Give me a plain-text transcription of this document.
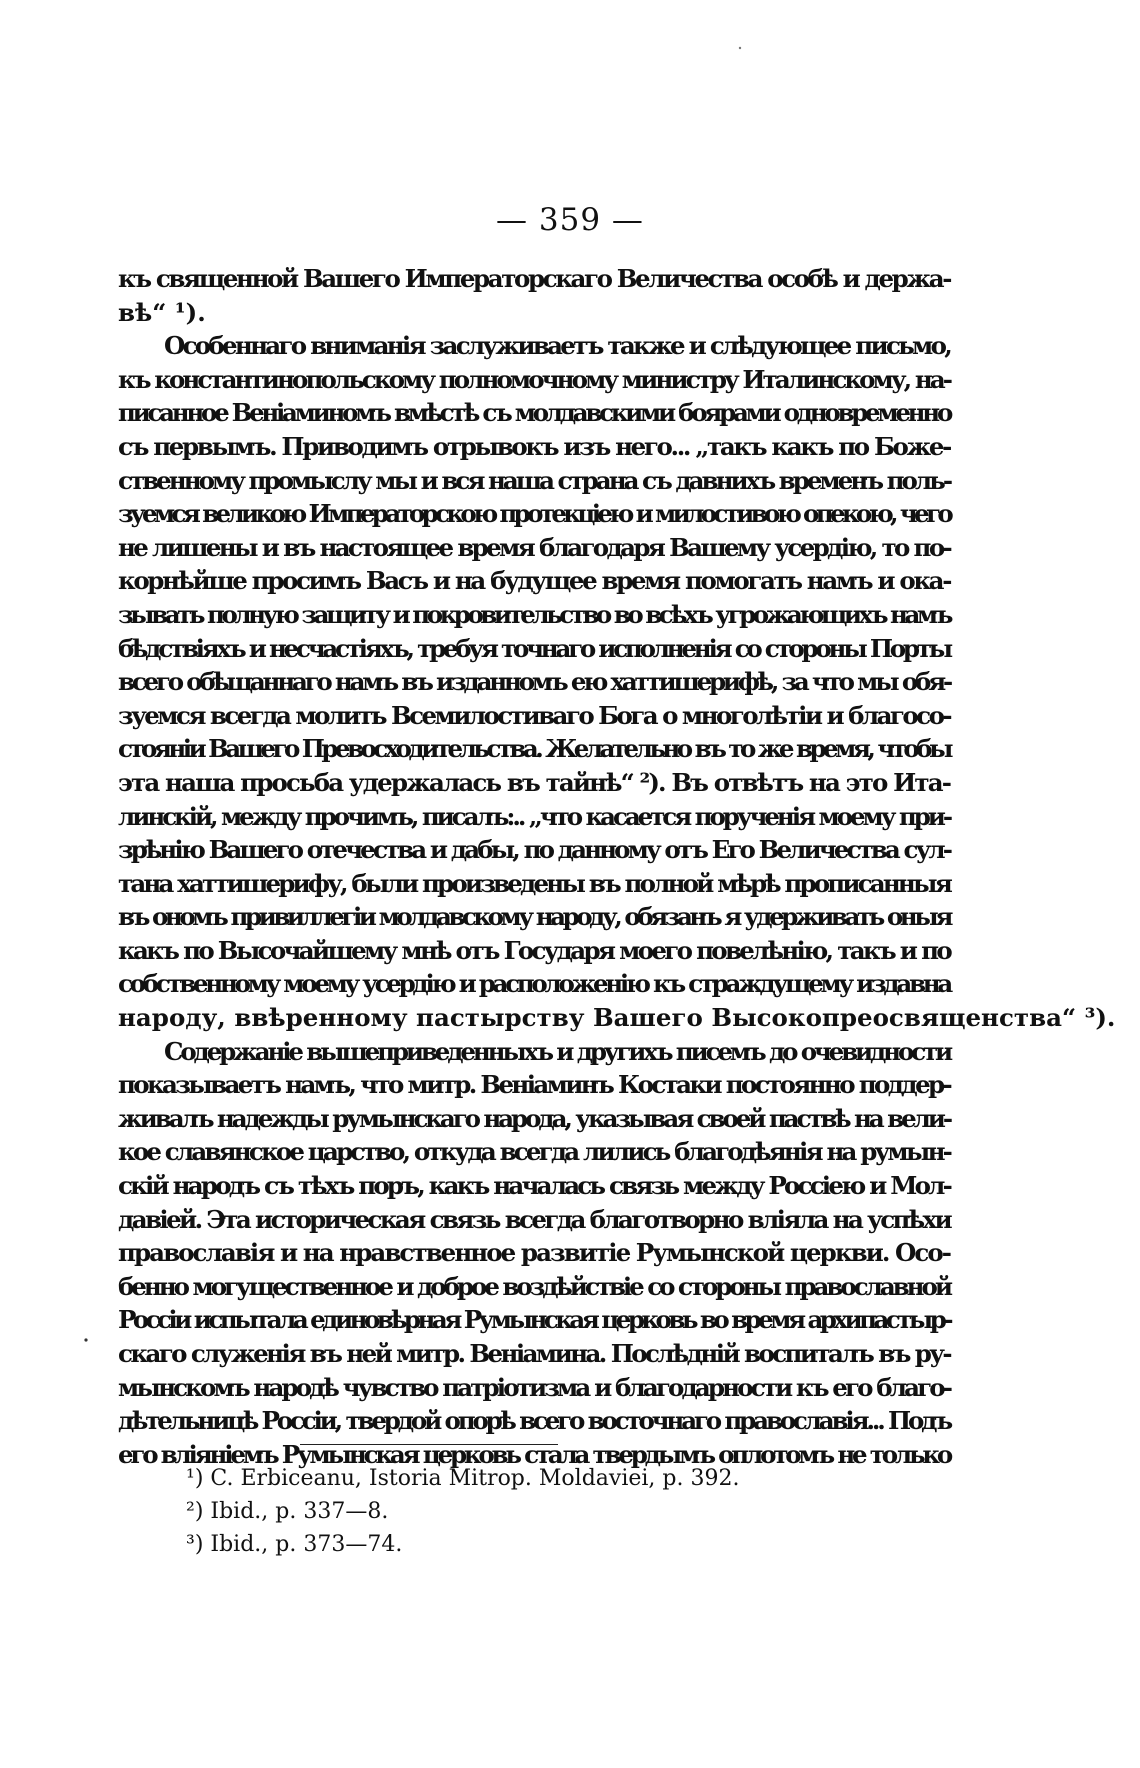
— 359 —
къ священной Вашего Императорскаго Величества особѣ и держа-
вѣ“ ¹).
Особеннаго вниманія заслуживаетъ также и слѣдующее письмо,
къ константинопольскому полномочному министру Италинскому, на-
писанное Веніаминомъ вмѣстѣ съ молдавскими боярами одновременно
съ первымъ. Приводимъ отрывокъ изъ него... „такъ какъ по Боже-
ственному промыслу мы и вся наша страна съ давнихъ временъ поль-
зуемся великою Императорскою протекціею и милостивою опекою, чего
не лишены и въ настоящее время благодаря Вашему усердію, то по-
корнѣйше просимъ Васъ и на будущее время помогать намъ и ока-
зывать полную защиту и покровительство во всѣхъ угрожающихъ намъ
бѣдствіяхъ и несчастіяхъ, требуя точнаго исполненія со стороны Порты
всего обѣщаннаго намъ въ изданномъ ею хаттишерифѣ, за что мы обя-
зуемся всегда молить Всемилостиваго Бога о многолѣтіи и благосо-
стояніи Вашего Превосходительства. Желательно въ то же время, чтобы
эта наша просьба удержалась въ тайнѣ“ ²). Въ отвѣтъ на это Ита-
линскій, между прочимъ, писалъ:.. „что касается порученія моему при-
зрѣнію Вашего отечества и дабы, по данному отъ Его Величества сул-
тана хаттишерифу, были произведены въ полной мѣрѣ прописанныя
въ ономъ привиллегіи молдавскому народу, обязанъ я удерживать оныя
какъ по Высочайшему мнѣ отъ Государя моего повелѣнію, такъ и по
собственному моему усердію и расположенію къ страждущему издавна
народу, ввѣренному пастырству Вашего Высокопреосвященства“ ³).
Содержаніе вышеприведенныхъ и другихъ писемъ до очевидности
показываетъ намъ, что митр. Веніаминъ Костаки постоянно поддер-
живалъ надежды румынскаго народа, указывая своей паствѣ на вели-
кое славянское царство, откуда всегда лились благодѣянія на румын-
скій народъ съ тѣхъ поръ, какъ началась связь между Россіею и Мол-
давіей. Эта историческая связь всегда благотворно вліяла на успѣхи
православія и на нравственное развитіе Румынской церкви. Осо-
бенно могущественное и доброе воздѣйствіе со стороны православной
Россіи испытала единовѣрная Румынская церковь во время архипастыр-
скаго служенія въ ней митр. Веніамина. Послѣдній воспиталъ въ ру-
мынскомъ народѣ чувство патріотизма и благодарности къ его благо-
дѣтельницѣ Россіи, твердой опорѣ всего восточнаго православія... Подъ
его вліяніемъ Румынская церковь стала твердымъ оплотомъ не только
¹) C. Erbiceanu, Istoria Mitrop. Moldaviei, p. 392.
²) Ibid., p. 337—8.
³) Ibid., p. 373—74.
